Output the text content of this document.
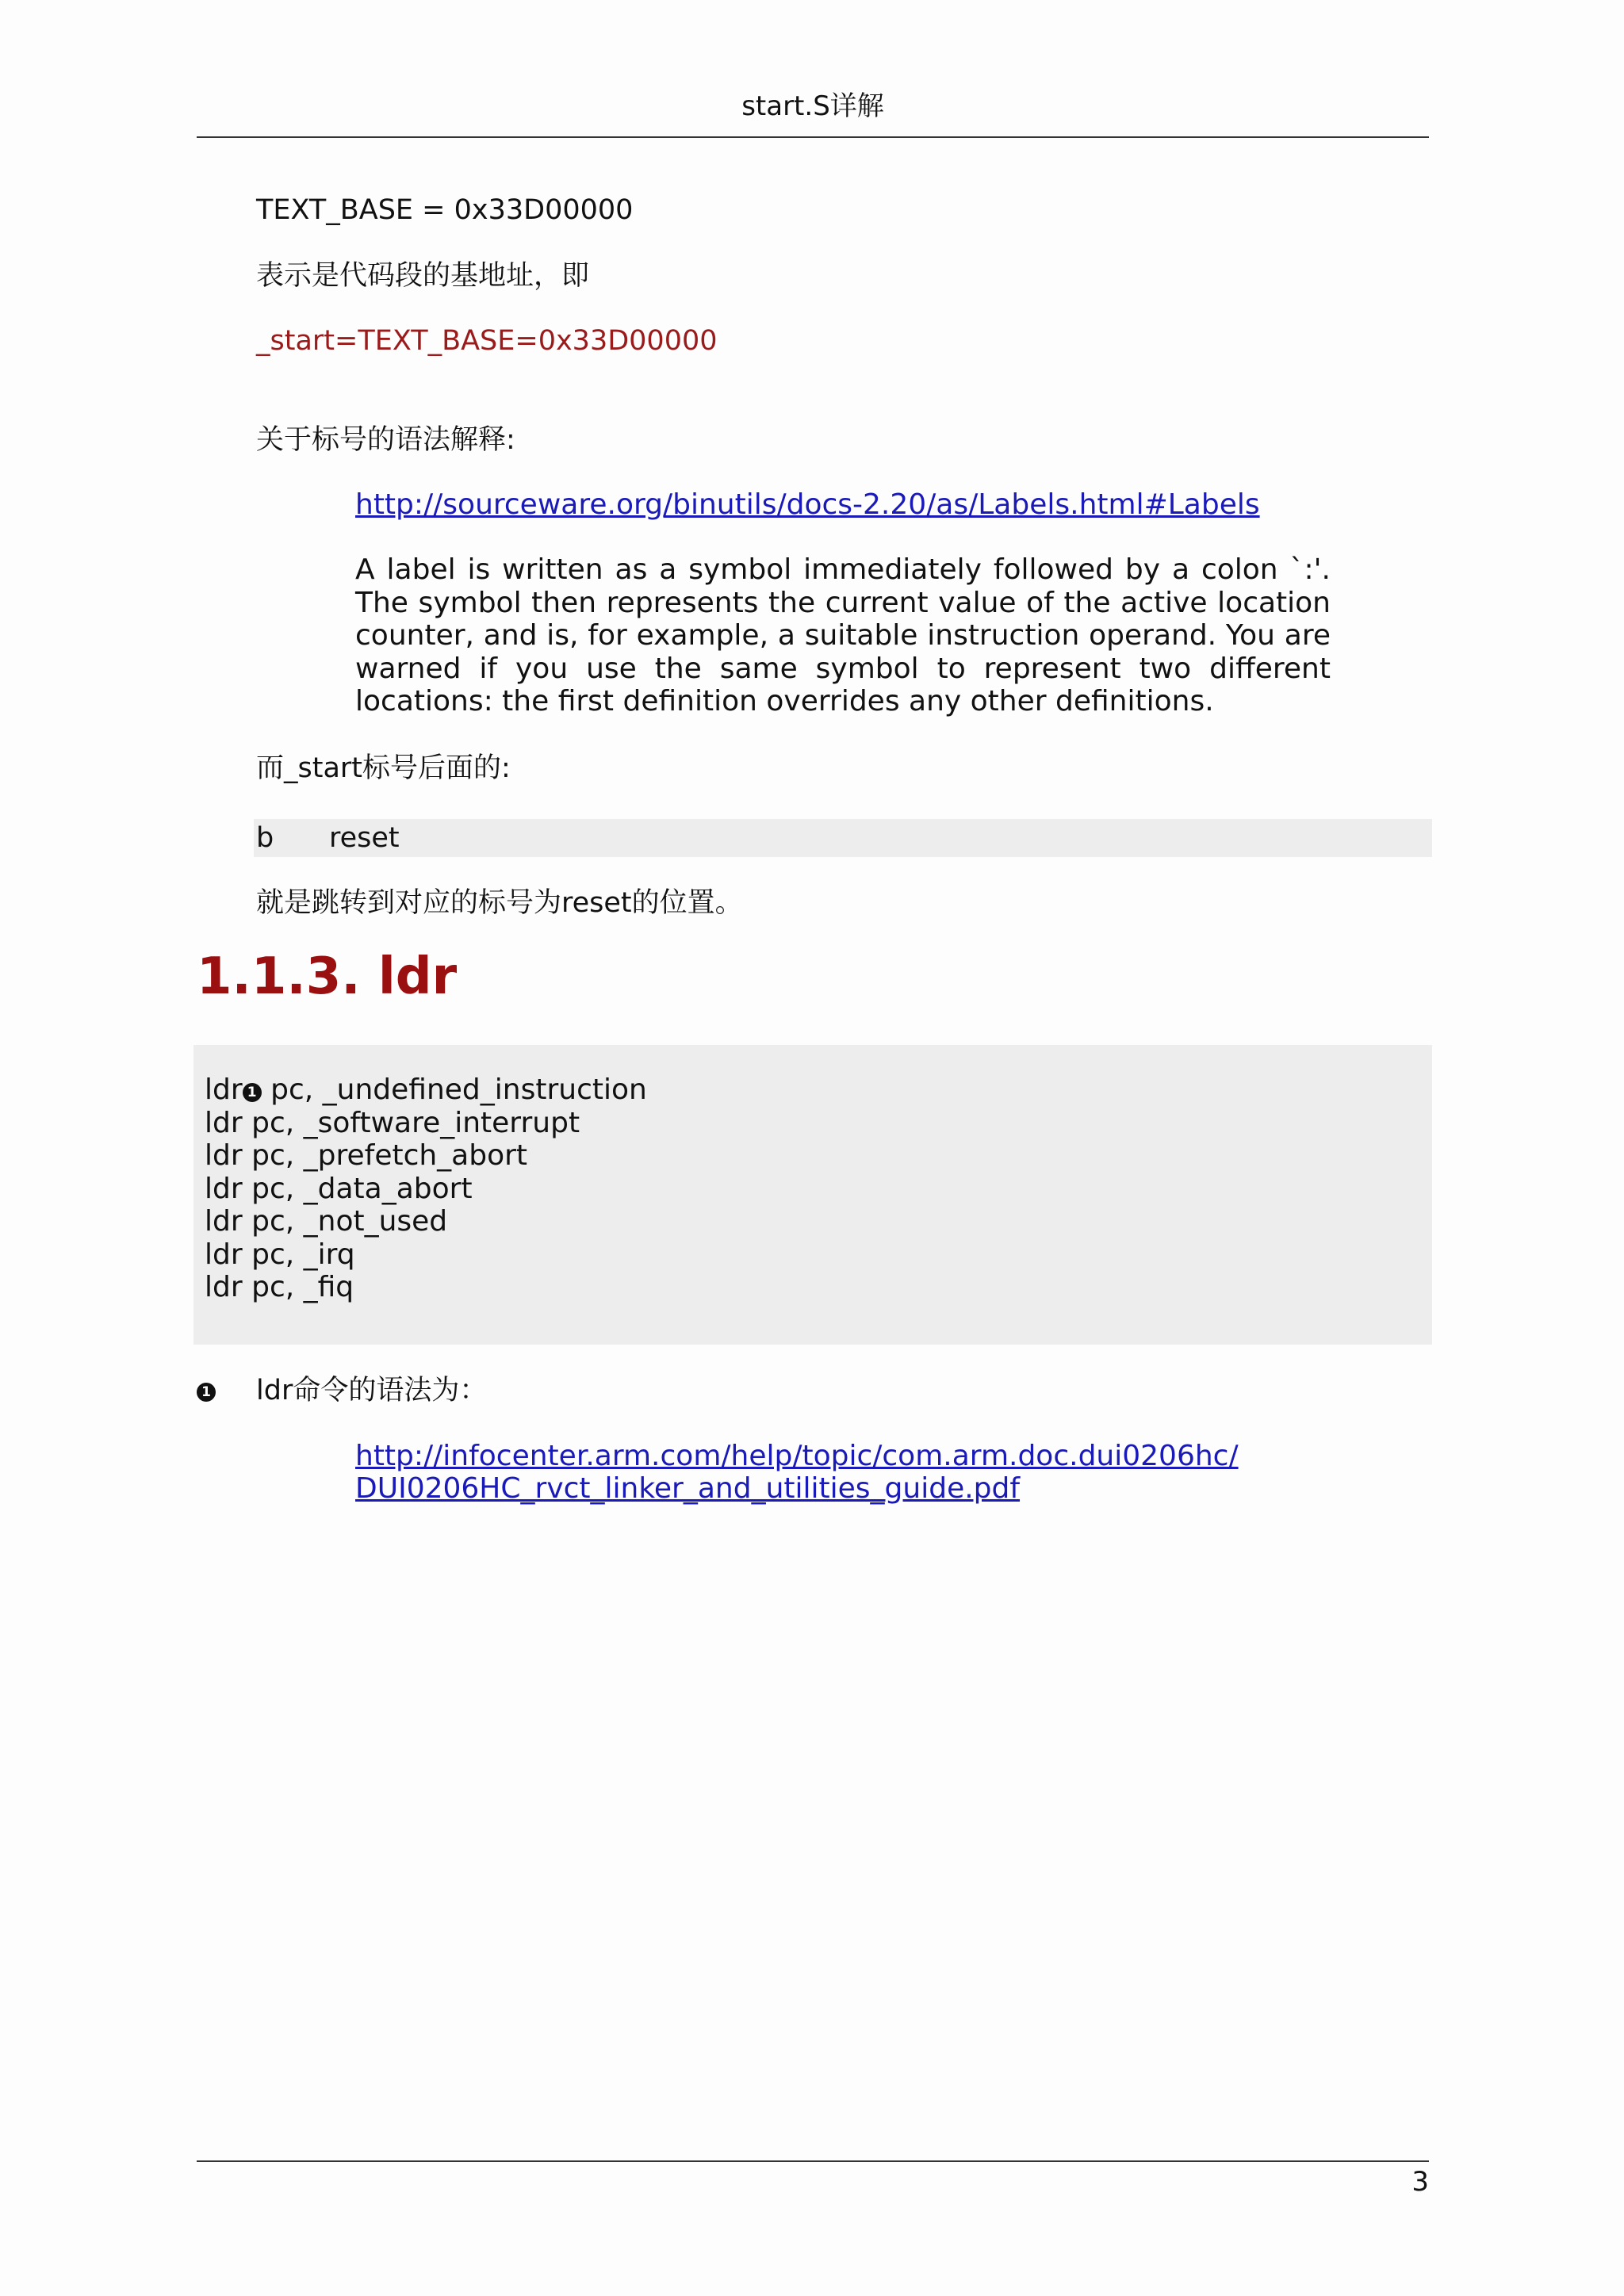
start.S详解

TEXT_BASE = 0x33D00000

表示是代码段的基地址，即

_start=TEXT_BASE=0x33D00000

关于标号的语法解释:

http://sourceware.org/binutils/docs-2.20/as/Labels.html#Labels

A label is written as a symbol immediately followed by a colon `:'. The symbol then represents the current value of the active location counter, and is, for example, a suitable instruction operand. You are warned if you use the same symbol to represent two different locations: the first definition overrides any other definitions.

而_start标号后面的:

b reset

就是跳转到对应的标号为reset的位置。

1.1.3. ldr
ldr 1 pc, _undefined_instruction
ldr pc, _software_interrupt
ldr pc, _prefetch_abort
ldr pc, _data_abort
ldr pc, _not_used
ldr pc, _irq
ldr pc, _fiq
1 ldr命令的语法为：
http://infocenter.arm.com/help/topic/com.arm.doc.dui0206hc/
DUI0206HC_rvct_linker_and_utilities_guide.pdf
3
